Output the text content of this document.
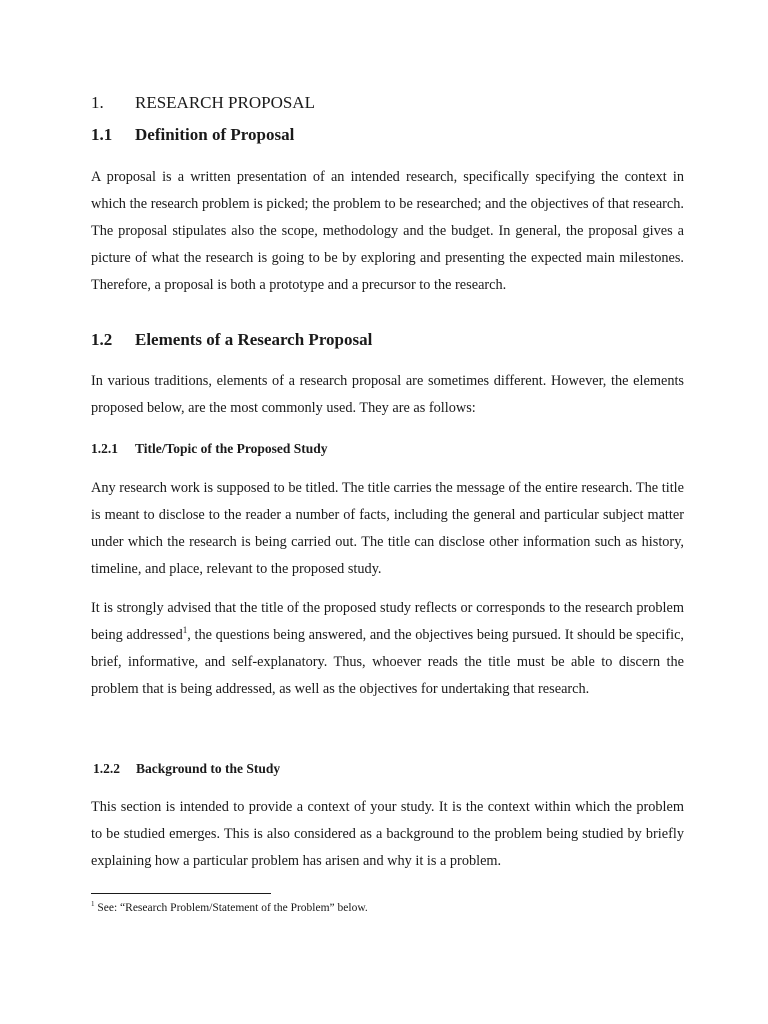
1. RESEARCH PROPOSAL
1.1 Definition of Proposal

A proposal is a written presentation of an intended research, specifically specifying the context in which the research problem is picked; the problem to be researched; and the objectives of that research. The proposal stipulates also the scope, methodology and the budget. In general, the proposal gives a picture of what the research is going to be by exploring and presenting the expected main milestones. Therefore, a proposal is both a prototype and a precursor to the research.

1.2 Elements of a Research Proposal

In various traditions, elements of a research proposal are sometimes different. However, the elements proposed below, are the most commonly used. They are as follows:

1.2.1 Title/Topic of the Proposed Study

Any research work is supposed to be titled. The title carries the message of the entire research. The title is meant to disclose to the reader a number of facts, including the general and particular subject matter under which the research is being carried out. The title can disclose other information such as history, timeline, and place, relevant to the proposed study.

It is strongly advised that the title of the proposed study reflects or corresponds to the research problem being addressed$^1$, the questions being answered, and the objectives being pursued. It should be specific, brief, informative, and self-explanatory. Thus, whoever reads the title must be able to discern the problem that is being addressed, as well as the objectives for undertaking that research.

1.2.2 Background to the Study

This section is intended to provide a context of your study. It is the context within which the problem to be studied emerges. This is also considered as a background to the problem being studied by briefly explaining how a particular problem has arisen and why it is a problem.

$^1$ See: “Research Problem/Statement of the Problem” below.
